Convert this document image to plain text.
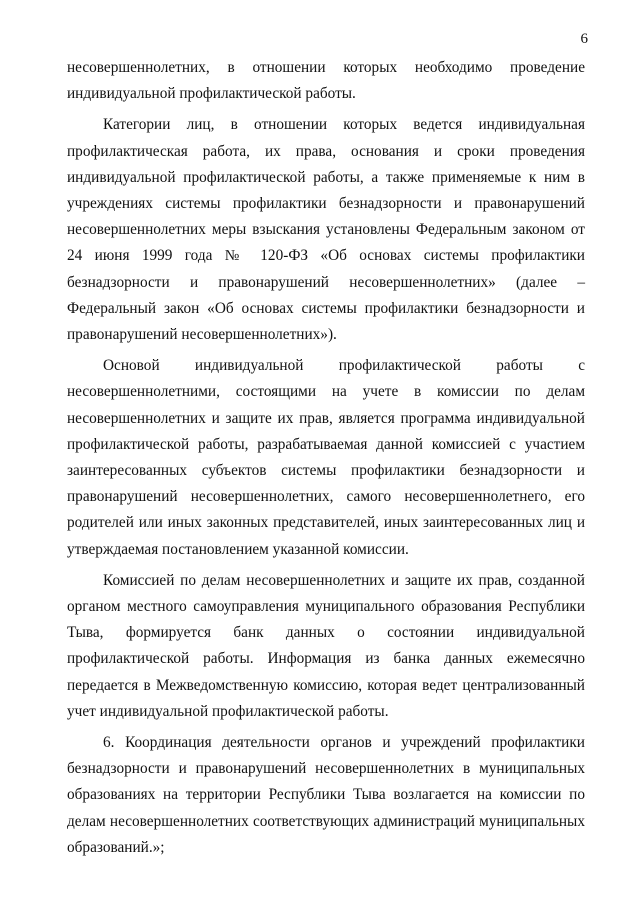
6

несовершеннолетних, в отношении которых необходимо проведение индивидуальной профилактической работы.

Категории лиц, в отношении которых ведется индивидуальная профилактическая работа, их права, основания и сроки проведения индивидуальной профилактической работы, а также применяемые к ним в учреждениях системы профилактики безнадзорности и правонарушений несовершеннолетних меры взыскания установлены Федеральным законом от 24 июня 1999 года № 120-ФЗ «Об основах системы профилактики безнадзорности и правонарушений несовершеннолетних» (далее – Федеральный закон «Об основах системы профилактики безнадзорности и правонарушений несовершеннолетних»).

Основой индивидуальной профилактической работы с несовершеннолетними, состоящими на учете в комиссии по делам несовершеннолетних и защите их прав, является программа индивидуальной профилактической работы, разрабатываемая данной комиссией с участием заинтересованных субъектов системы профилактики безнадзорности и правонарушений несовершеннолетних, самого несовершеннолетнего, его родителей или иных законных представителей, иных заинтересованных лиц и утверждаемая постановлением указанной комиссии.

Комиссией по делам несовершеннолетних и защите их прав, созданной органом местного самоуправления муниципального образования Республики Тыва, формируется банк данных о состоянии индивидуальной профилактической работы. Информация из банка данных ежемесячно передается в Межведомственную комиссию, которая ведет централизованный учет индивидуальной профилактической работы.

6. Координация деятельности органов и учреждений профилактики безнадзорности и правонарушений несовершеннолетних в муниципальных образованиях на территории Республики Тыва возлагается на комиссии по делам несовершеннолетних соответствующих администраций муниципальных образований.»;
